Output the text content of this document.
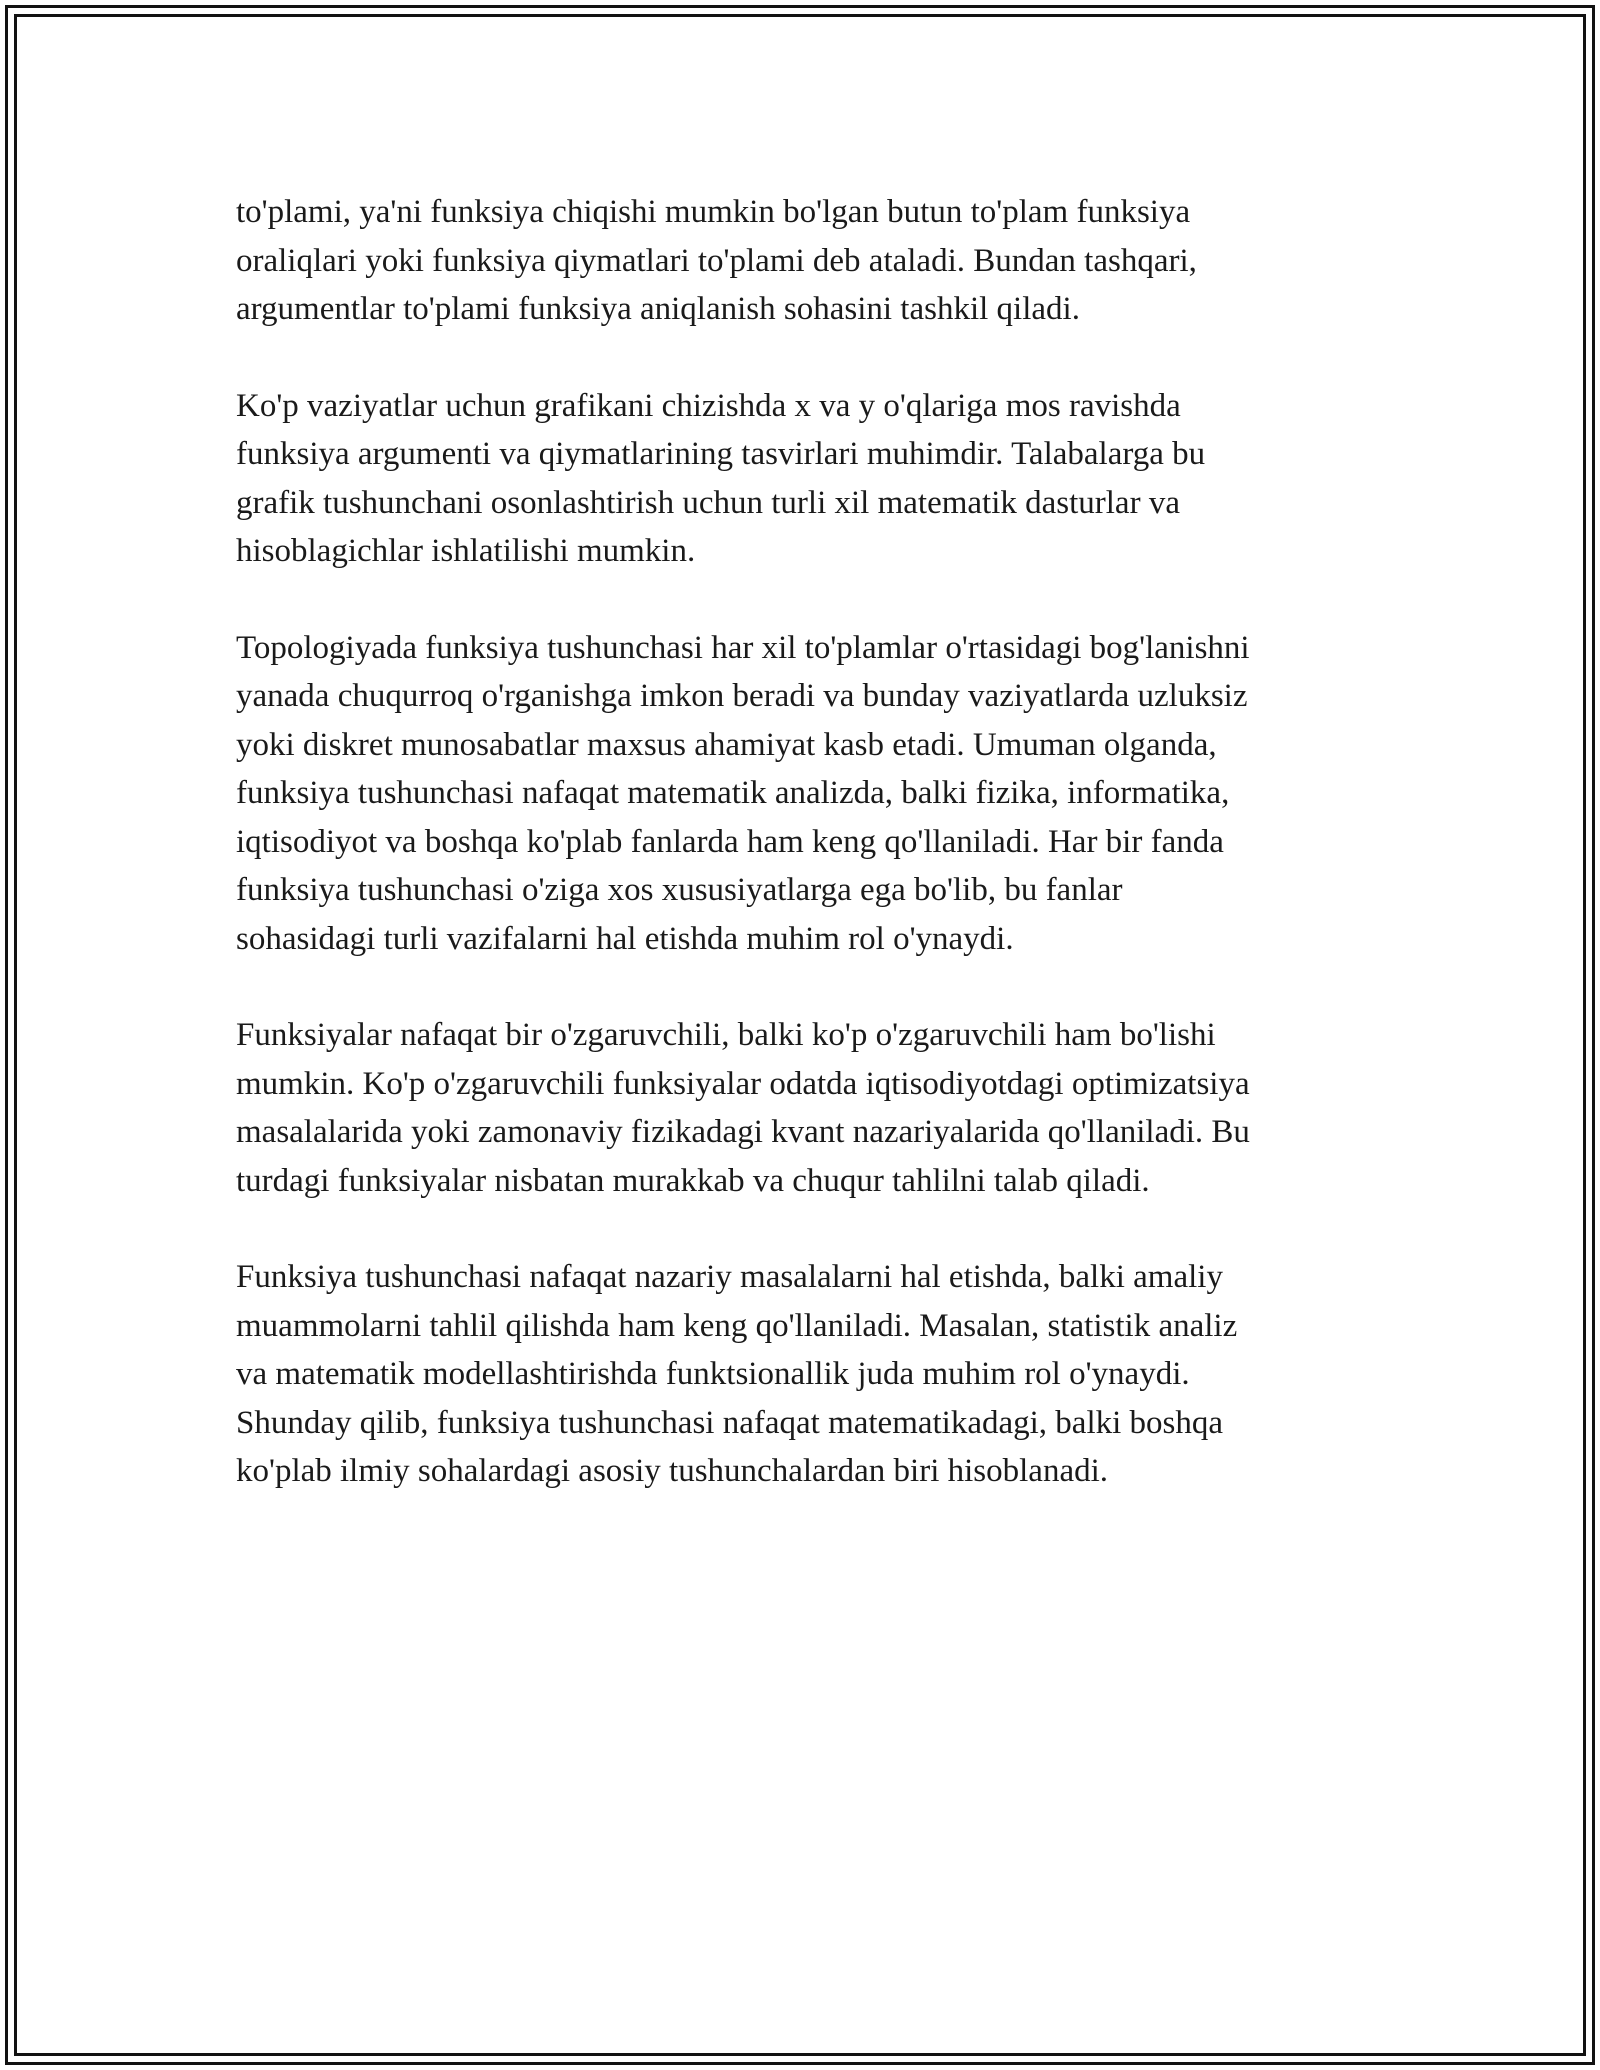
to'plami, ya'ni funksiya chiqishi mumkin bo'lgan butun to'plam funksiya
oraliqlari yoki funksiya qiymatlari to'plami deb ataladi. Bundan tashqari,
argumentlar to'plami funksiya aniqlanish sohasini tashkil qiladi.

Ko'p vaziyatlar uchun grafikani chizishda x va y o'qlariga mos ravishda
funksiya argumenti va qiymatlarining tasvirlari muhimdir. Talabalarga bu
grafik tushunchani osonlashtirish uchun turli xil matematik dasturlar va
hisoblagichlar ishlatilishi mumkin.

Topologiyada funksiya tushunchasi har xil to'plamlar o'rtasidagi bog'lanishni
yanada chuqurroq o'rganishga imkon beradi va bunday vaziyatlarda uzluksiz
yoki diskret munosabatlar maxsus ahamiyat kasb etadi. Umuman olganda,
funksiya tushunchasi nafaqat matematik analizda, balki fizika, informatika,
iqtisodiyot va boshqa ko'plab fanlarda ham keng qo'llaniladi. Har bir fanda
funksiya tushunchasi o'ziga xos xususiyatlarga ega bo'lib, bu fanlar
sohasidagi turli vazifalarni hal etishda muhim rol o'ynaydi.

Funksiyalar nafaqat bir o'zgaruvchili, balki ko'p o'zgaruvchili ham bo'lishi
mumkin. Ko'p o'zgaruvchili funksiyalar odatda iqtisodiyotdagi optimizatsiya
masalalarida yoki zamonaviy fizikadagi kvant nazariyalarida qo'llaniladi. Bu
turdagi funksiyalar nisbatan murakkab va chuqur tahlilni talab qiladi.

Funksiya tushunchasi nafaqat nazariy masalalarni hal etishda, balki amaliy
muammolarni tahlil qilishda ham keng qo'llaniladi. Masalan, statistik analiz
va matematik modellashtirishda funktsionallik juda muhim rol o'ynaydi.
Shunday qilib, funksiya tushunchasi nafaqat matematikadagi, balki boshqa
ko'plab ilmiy sohalardagi asosiy tushunchalardan biri hisoblanadi.
